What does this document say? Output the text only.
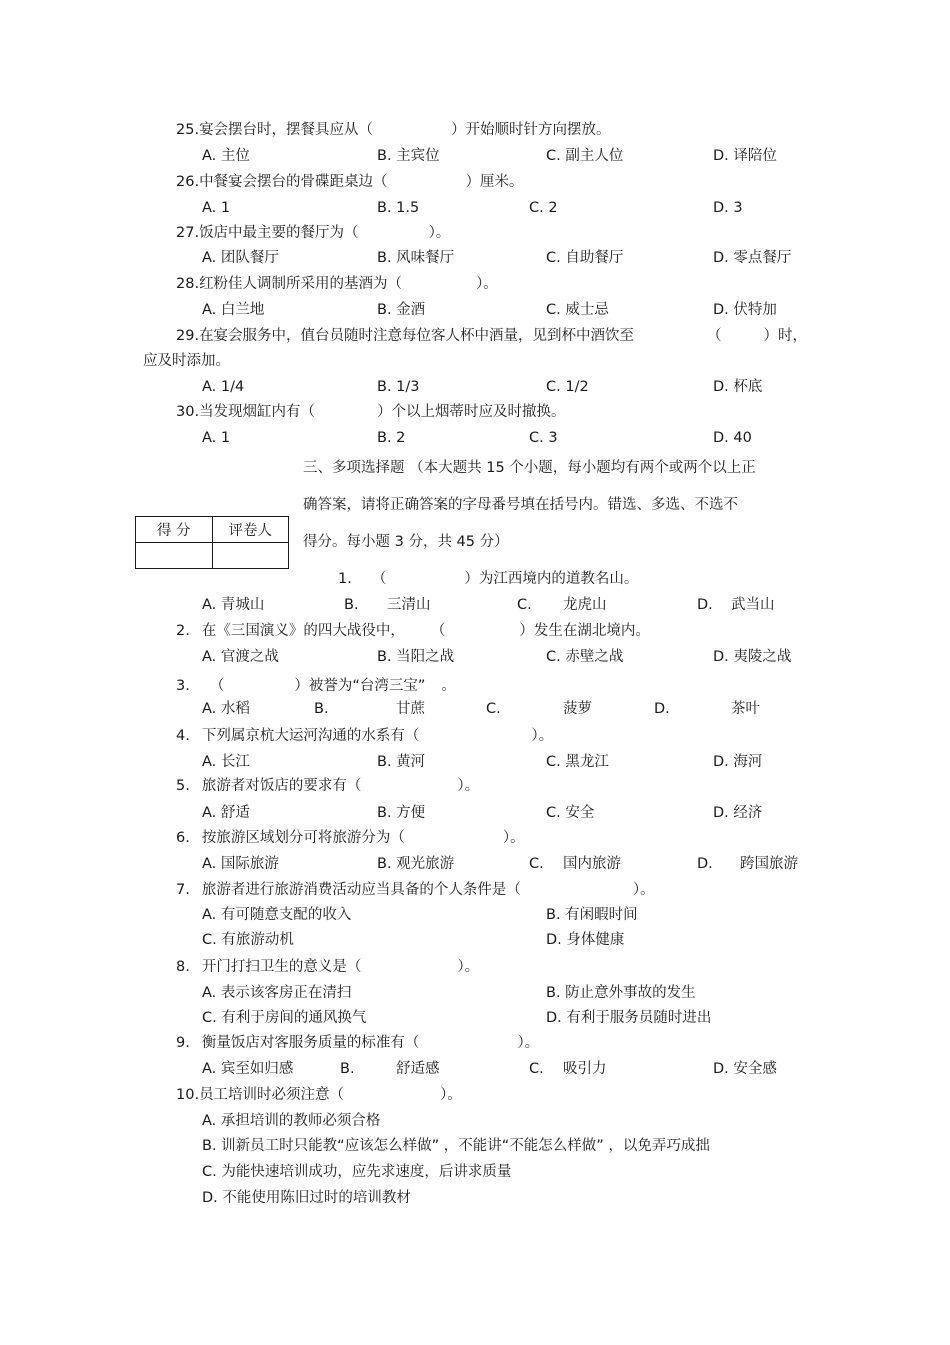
25.宴会摆台时，摆餐具应从（	）开始顺时针方向摆放。
A. 主位	B. 主宾位	C. 副主人位	D. 译陪位
26.中餐宴会摆台的骨碟距桌边（	）厘米。
A. 1	B. 1.5	C. 2	D. 3
27.饭店中最主要的餐厅为（	）。
A. 团队餐厅	B. 风味餐厅	C. 自助餐厅	D. 零点餐厅
28.红粉佳人调制所采用的基酒为（	）。
A. 白兰地	B. 金酒	C. 威士忌	D. 伏特加
29.在宴会服务中，值台员随时注意每位客人杯中酒量，见到杯中酒饮至	（	）时，
应及时添加。
A. 1/4	B. 1/3	C. 1/2	D. 杯底
30.当发现烟缸内有（	）个以上烟蒂时应及时撤换。
A. 1	B. 2	C. 3	D. 40
三、多项选择题 （本大题共 15 个小题，每小题均有两个或两个以上正
确答案，请将正确答案的字母番号填在括号内。错选、多选、不选不
得分。每小题 3 分，共 45 分）
得 分	评卷人

1. （	）为江西境内的道教名山。
A. 青城山	B. 三清山	C. 龙虎山	D. 武当山
2. 在《三国演义》的四大战役中， （	）发生在湖北境内。
A. 官渡之战	B. 当阳之战	C. 赤壁之战	D. 夷陵之战
3. （	）被誉为“台湾三宝” 。
A. 水稻	B.	甘蔗	C.	菠萝	D.	茶叶
4. 下列属京杭大运河沟通的水系有（	）。
A. 长江	B. 黄河	C. 黑龙江	D. 海河
5. 旅游者对饭店的要求有（	）。
A. 舒适	B. 方便	C. 安全	D. 经济
6. 按旅游区域划分可将旅游分为（	）。
A. 国际旅游	B. 观光旅游	C. 国内旅游	D. 跨国旅游
7. 旅游者进行旅游消费活动应当具备的个人条件是（	）。
A. 有可随意支配的收入	B. 有闲暇时间
C. 有旅游动机	D. 身体健康
8. 开门打扫卫生的意义是（	）。
A. 表示该客房正在清扫	B. 防止意外事故的发生
C. 有利于房间的通风换气	D. 有利于服务员随时进出
9. 衡量饭店对客服务质量的标准有（	）。
A. 宾至如归感	B.	舒适感	C. 吸引力	D. 安全感
10.员工培训时必须注意（	）。
A. 承担培训的教师必须合格
B. 训新员工时只能教“应该怎么样做” ，不能讲“不能怎么样做” ，以免弄巧成拙
C. 为能快速培训成功，应先求速度，后讲求质量
D. 不能使用陈旧过时的培训教材
